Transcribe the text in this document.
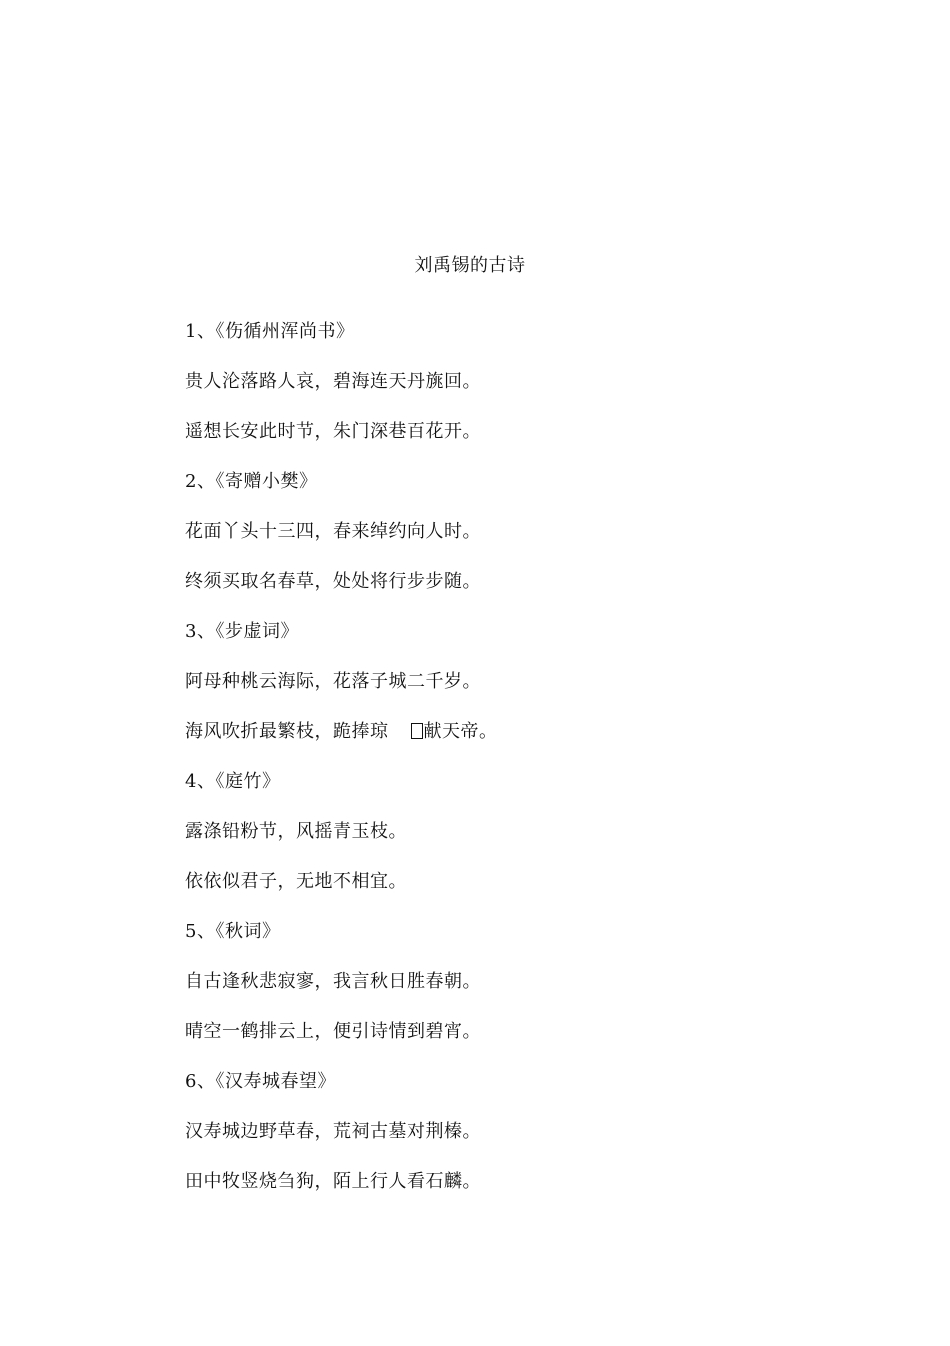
刘禹锡的古诗
1、《伤循州浑尚书》
贵人沦落路人哀，碧海连天丹旐回。
遥想长安此时节，朱门深巷百花开。
2、《寄赠小樊》
花面丫头十三四，春来绰约向人时。
终须买取名春草，处处将行步步随。
3、《步虚词》
阿母种桃云海际，花落子城二千岁。
海风吹折最繁枝，跪捧琼 献天帝。
4、《庭竹》
露涤铅粉节，风摇青玉枝。
依依似君子，无地不相宜。
5、《秋词》
自古逢秋悲寂寥，我言秋日胜春朝。
晴空一鹤排云上，便引诗情到碧宵。
6、《汉寿城春望》
汉寿城边野草春，荒祠古墓对荆榛。
田中牧竖烧刍狗，陌上行人看石麟。
